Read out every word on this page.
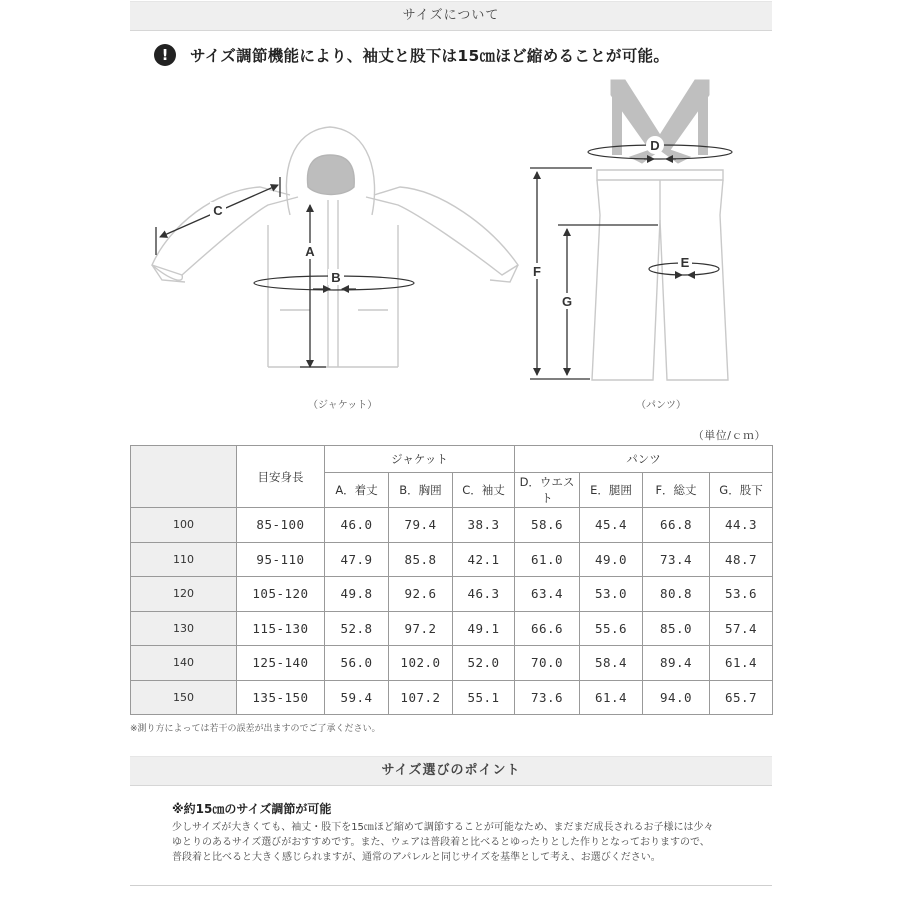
サイズについて
!	サイズ調節機能により、袖丈と股下は15㎝ほど縮めることが可能。
A
B
C
D
E
F
G
（ジャケット）	（パンツ）
（単位/ｃｍ）
	目安身長	ジャケット			パンツ			
		A．着丈	B．胸囲	C．袖丈	D．ウエスト	E．腿囲	F．総丈	G．股下
100	85-100	46.0	79.4	38.3	58.6	45.4	66.8	44.3
110	95-110	47.9	85.8	42.1	61.0	49.0	73.4	48.7
120	105-120	49.8	92.6	46.3	63.4	53.0	80.8	53.6
130	115-130	52.8	97.2	49.1	66.6	55.6	85.0	57.4
140	125-140	56.0	102.0	52.0	70.0	58.4	89.4	61.4
150	135-150	59.4	107.2	55.1	73.6	61.4	94.0	65.7
※測り方によっては若干の誤差が出ますのでご了承ください。
サイズ選びのポイント
※約15㎝のサイズ調節が可能
少しサイズが大きくても、袖丈・股下を15㎝ほど縮めて調節することが可能なため、まだまだ成長されるお子様には少々
ゆとりのあるサイズ選びがおすすめです。また、ウェアは普段着と比べるとゆったりとした作りとなっておりますので、
普段着と比べると大きく感じられますが、通常のアパレルと同じサイズを基準として考え、お選びください。
